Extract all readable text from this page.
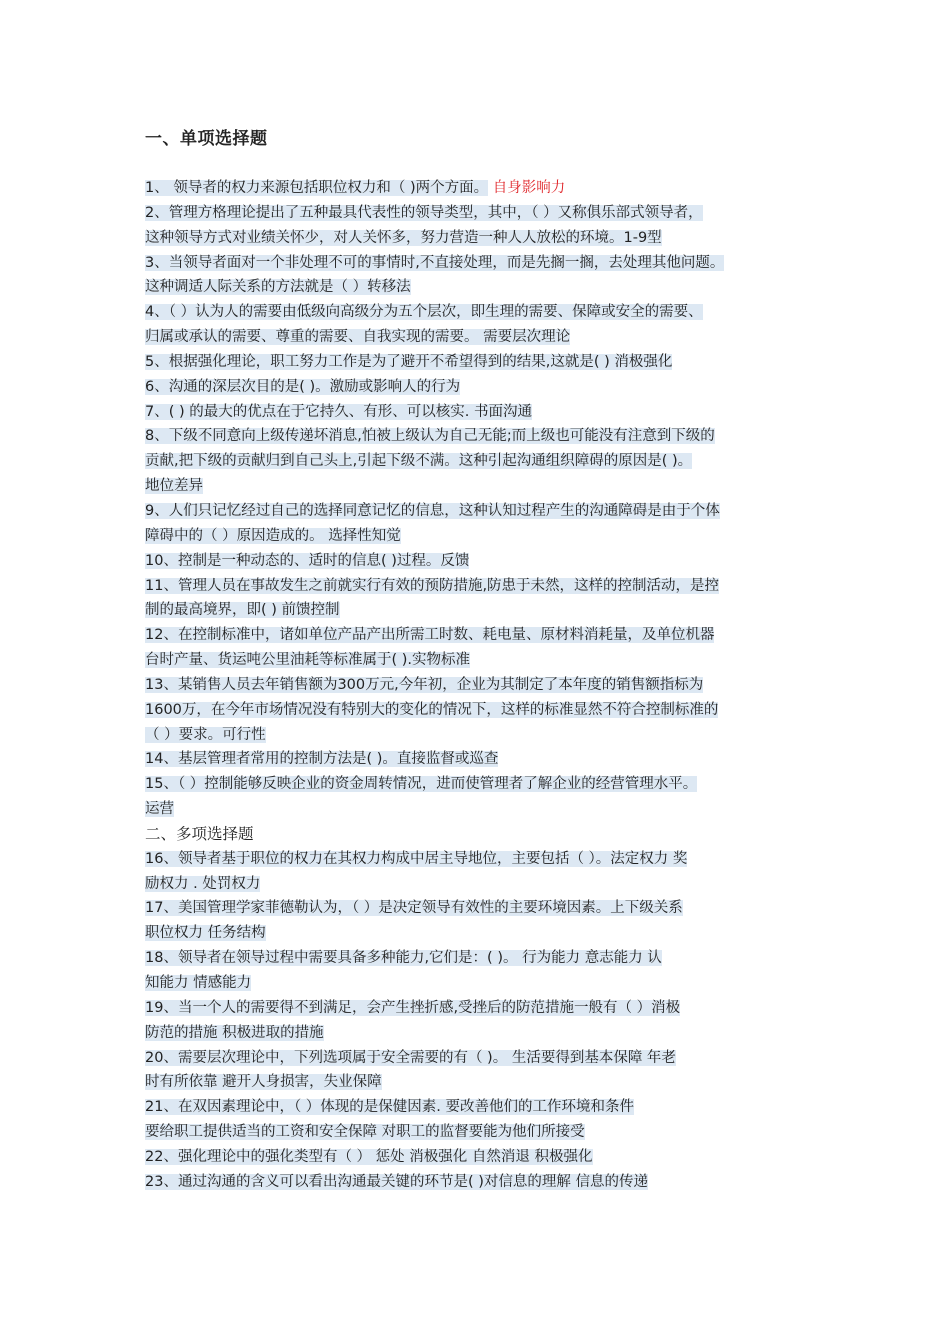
一、单项选择题
1、 领导者的权力来源包括职位权力和（ )两个方面。 自身影响力
2、管理方格理论提出了五种最具代表性的领导类型，其中，（ ）又称俱乐部式领导者，
这种领导方式对业绩关怀少，对人关怀多，努力营造一种人人放松的环境。1-9型
3、当领导者面对一个非处理不可的事情时,不直接处理，而是先搁一搁，去处理其他问题。
这种调适人际关系的方法就是（ ）转移法
4、（ ）认为人的需要由低级向高级分为五个层次，即生理的需要、保障或安全的需要、
归属或承认的需要、尊重的需要、自我实现的需要。 需要层次理论
5、根据强化理论，职工努力工作是为了避开不希望得到的结果,这就是( ) 消极强化
6、沟通的深层次目的是( )。激励或影响人的行为
7、( ) 的最大的优点在于它持久、有形、可以核实. 书面沟通
8、下级不同意向上级传递坏消息,怕被上级认为自己无能;而上级也可能没有注意到下级的
贡献,把下级的贡献归到自己头上,引起下级不满。这种引起沟通组织障碍的原因是( )。
地位差异
9、人们只记忆经过自己的选择同意记忆的信息，这种认知过程产生的沟通障碍是由于个体
障碍中的（ ）原因造成的。 选择性知觉
10、控制是一种动态的、适时的信息( )过程。反馈
11、管理人员在事故发生之前就实行有效的预防措施,防患于未然，这样的控制活动，是控
制的最高境界，即( ) 前馈控制
12、在控制标准中，诸如单位产品产出所需工时数、耗电量、原材料消耗量，及单位机器
台时产量、货运吨公里油耗等标准属于( ).实物标准
13、某销售人员去年销售额为300万元,今年初，企业为其制定了本年度的销售额指标为
1600万，在今年市场情况没有特别大的变化的情况下，这样的标准显然不符合控制标准的
（ ）要求。可行性
14、基层管理者常用的控制方法是( )。直接监督或巡查
15、（ ）控制能够反映企业的资金周转情况，进而使管理者了解企业的经营管理水平。
运营
二、多项选择题
16、领导者基于职位的权力在其权力构成中居主导地位，主要包括（ ）。法定权力 奖
励权力 . 处罚权力
17、美国管理学家菲德勒认为，（ ）是决定领导有效性的主要环境因素。上下级关系
职位权力 任务结构
18、领导者在领导过程中需要具备多种能力,它们是：( )。 行为能力 意志能力 认
知能力 情感能力
19、当一个人的需要得不到满足，会产生挫折感,受挫后的防范措施一般有（ ）消极
防范的措施 积极进取的措施
20、需要层次理论中，下列选项属于安全需要的有（ )。 生活要得到基本保障 年老
时有所依靠 避开人身损害，失业保障
21、在双因素理论中，（ ）体现的是保健因素. 要改善他们的工作环境和条件
要给职工提供适当的工资和安全保障 对职工的监督要能为他们所接受
22、强化理论中的强化类型有（ ） 惩处 消极强化 自然消退 积极强化
23、通过沟通的含义可以看出沟通最关键的环节是( )对信息的理解 信息的传递
